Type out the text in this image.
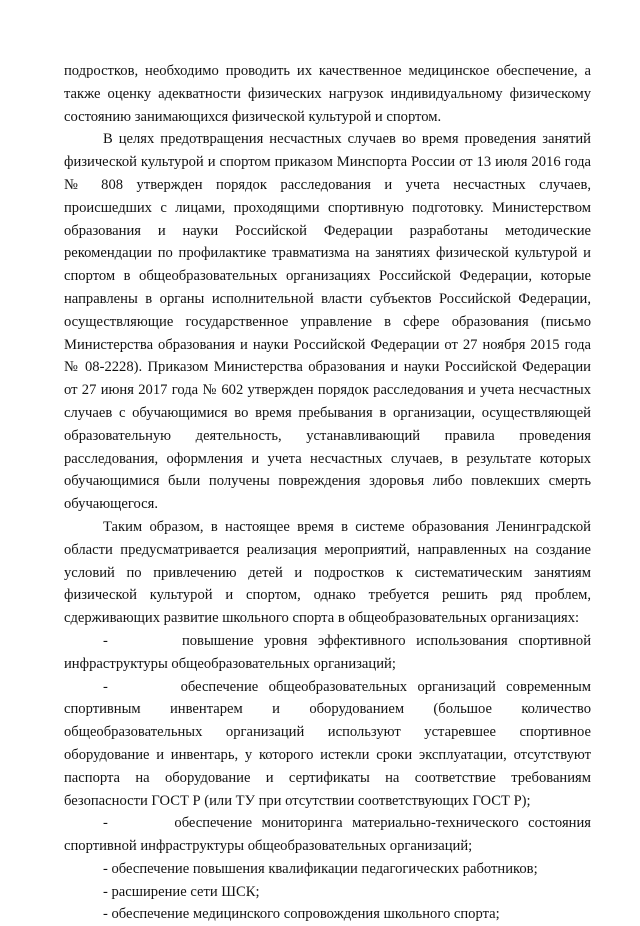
подростков, необходимо проводить их качественное медицинское обеспечение, а также оценку адекватности физических нагрузок индивидуальному физическому состоянию занимающихся физической культурой и спортом.

В целях предотвращения несчастных случаев во время проведения занятий физической культурой и спортом приказом Минспорта России от 13 июля 2016 года № 808 утвержден порядок расследования и учета несчастных случаев, происшедших с лицами, проходящими спортивную подготовку. Министерством образования и науки Российской Федерации разработаны методические рекомендации по профилактике травматизма на занятиях физической культурой и спортом в общеобразовательных организациях Российской Федерации, которые направлены в органы исполнительной власти субъектов Российской Федерации, осуществляющие государственное управление в сфере образования (письмо Министерства образования и науки Российской Федерации от 27 ноября 2015 года № 08-2228). Приказом Министерства образования и науки Российской Федерации от 27 июня 2017 года № 602 утвержден порядок расследования и учета несчастных случаев с обучающимися во время пребывания в организации, осуществляющей образовательную деятельность, устанавливающий правила проведения расследования, оформления и учета несчастных случаев, в результате которых обучающимися были получены повреждения здоровья либо повлекших смерть обучающегося.

Таким образом, в настоящее время в системе образования Ленинградской области предусматривается реализация мероприятий, направленных на создание условий по привлечению детей и подростков к систематическим занятиям физической культурой и спортом, однако требуется решить ряд проблем, сдерживающих развитие школьного спорта в общеобразовательных организациях:

-       повышение уровня эффективного использования спортивной инфраструктуры общеобразовательных организаций;
-       обеспечение общеобразовательных организаций современным спортивным инвентарем и оборудованием (большое количество общеобразовательных организаций используют устаревшее спортивное оборудование и инвентарь, у которого истекли сроки эксплуатации, отсутствуют паспорта на оборудование и сертификаты на соответствие требованиям безопасности ГОСТ Р (или ТУ при отсутствии соответствующих ГОСТ Р);
-       обеспечение мониторинга материально-технического состояния спортивной инфраструктуры общеобразовательных организаций;
- обеспечение повышения квалификации педагогических работников;
- расширение сети ШСК;
- обеспечение медицинского сопровождения школьного спорта;
